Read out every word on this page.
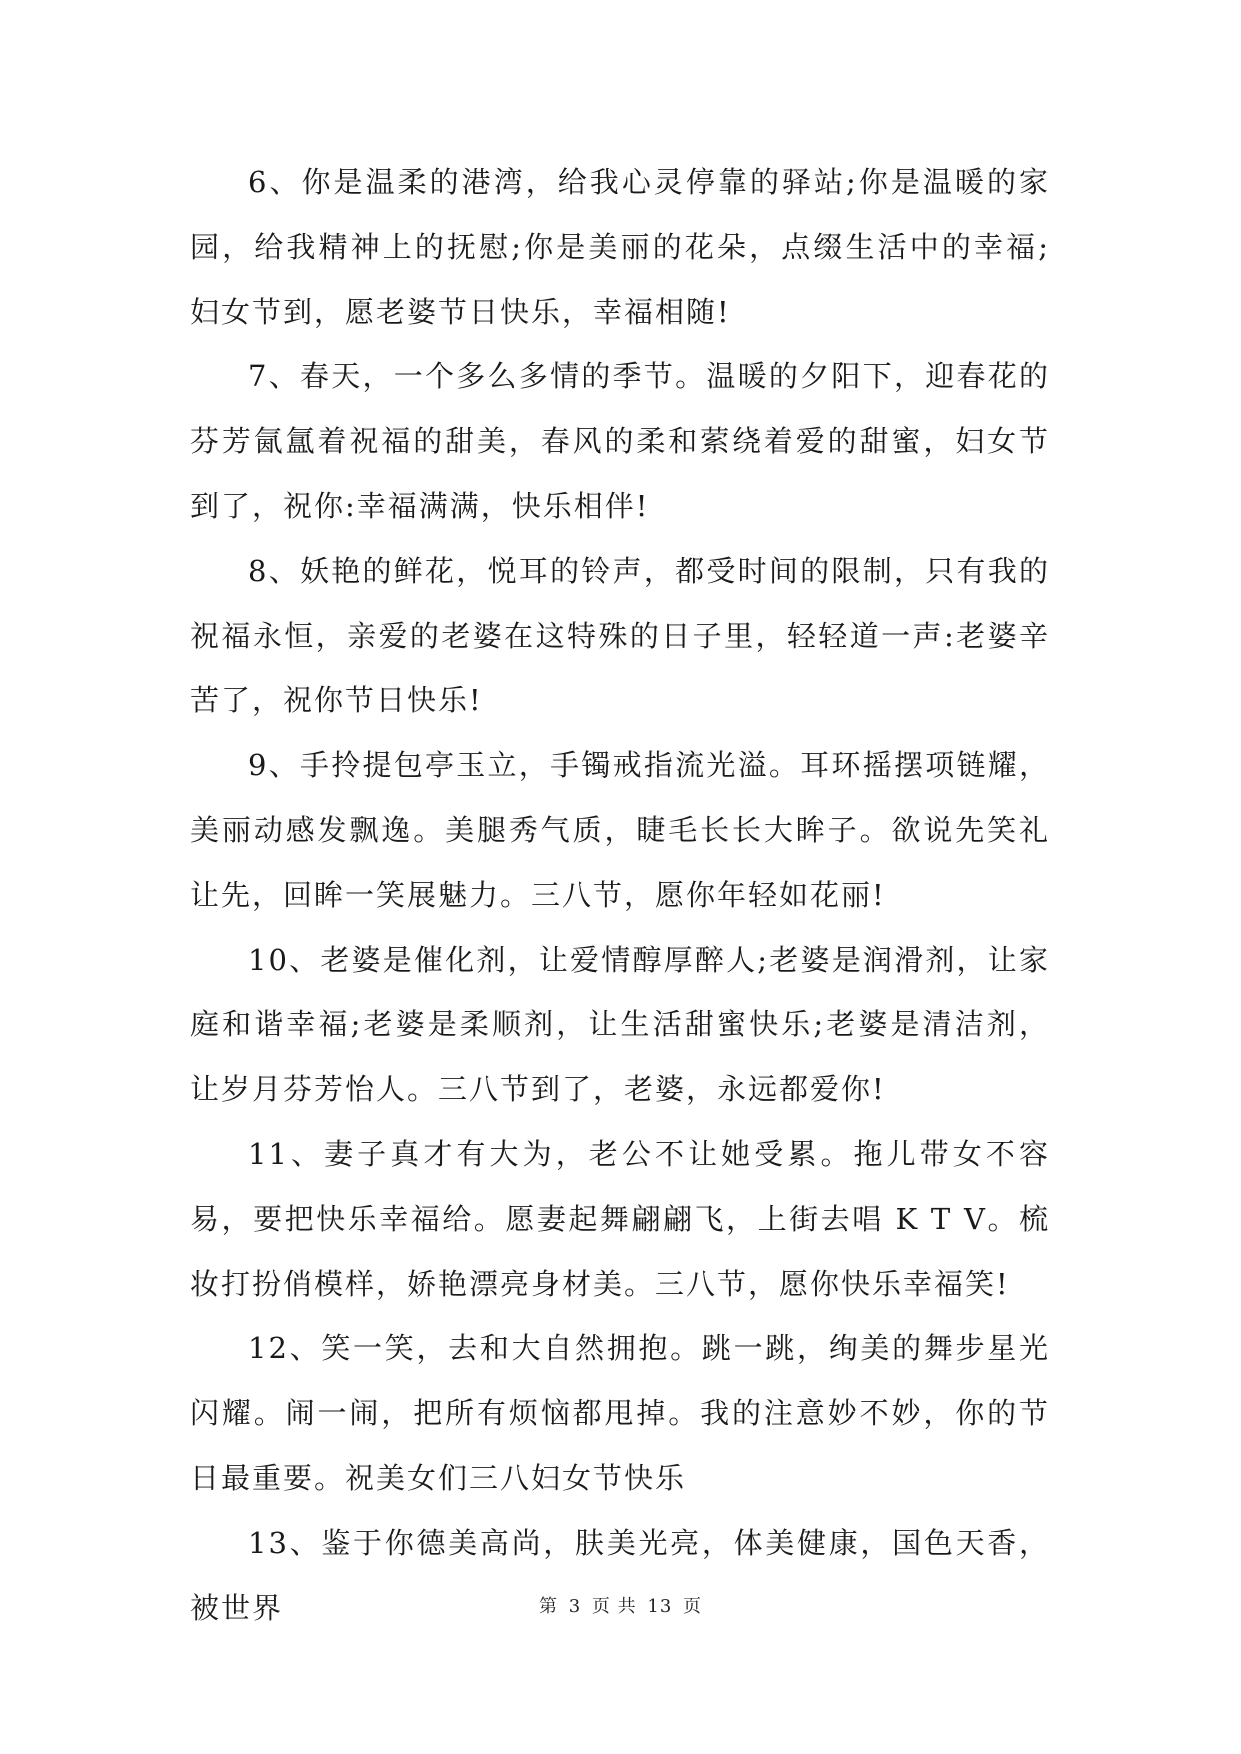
6、你是温柔的港湾，给我心灵停靠的驿站;你是温暖的家园，给我精神上的抚慰;你是美丽的花朵，点缀生活中的幸福;妇女节到，愿老婆节日快乐，幸福相随!

7、春天，一个多么多情的季节。温暖的夕阳下，迎春花的芬芳氤氲着祝福的甜美，春风的柔和萦绕着爱的甜蜜，妇女节到了，祝你:幸福满满，快乐相伴!

8、妖艳的鲜花，悦耳的铃声，都受时间的限制，只有我的祝福永恒，亲爱的老婆在这特殊的日子里，轻轻道一声:老婆辛苦了，祝你节日快乐!

9、手拎提包亭玉立，手镯戒指流光溢。耳环摇摆项链耀，美丽动感发飘逸。美腿秀气质，睫毛长长大眸子。欲说先笑礼让先，回眸一笑展魅力。三八节，愿你年轻如花丽!

10、老婆是催化剂，让爱情醇厚醉人;老婆是润滑剂，让家庭和谐幸福;老婆是柔顺剂，让生活甜蜜快乐;老婆是清洁剂，让岁月芬芳怡人。三八节到了，老婆，永远都爱你!

11、妻子真才有大为，老公不让她受累。拖儿带女不容易，要把快乐幸福给。愿妻起舞翩翩飞，上街去唱 K T V。梳妆打扮俏模样，娇艳漂亮身材美。三八节，愿你快乐幸福笑!

12、笑一笑，去和大自然拥抱。跳一跳，绚美的舞步星光闪耀。闹一闹，把所有烦恼都甩掉。我的注意妙不妙，你的节日最重要。祝美女们三八妇女节快乐

13、鉴于你德美高尚，肤美光亮，体美健康，国色天香，被世界	第 3 页 共 13 页
